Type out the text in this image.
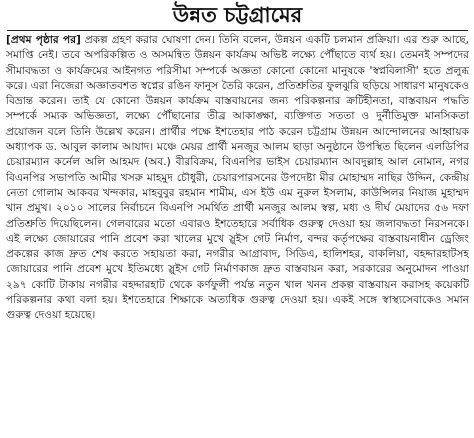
উন্নত চট্টগ্রামের

[প্রথম পৃষ্ঠার পর] প্রকল্প গ্রহণ করার ঘোষণা দেন। তিনি বলেন, উন্নয়ন একটি চলমান প্রক্রিয়া। এর শুরু আছে, সমাপ্তি নেই। তবে অপরিকল্পিত ও অসমন্বিত উন্নয়ন কার্যক্রম অভিষ্ট লক্ষ্যে পৌঁছাতে ব্যর্থ হয়। তেমনই সম্পদের সীমাবদ্ধতা ও কার্যক্রমের আইনগত পরিসীমা সম্পর্কে অজ্ঞতা কোনো কোনো মানুষকে 'স্বপ্নবিলাসী' হতে প্রলুব্ধ করে। এরা নিজেরা অজ্ঞাতবশত স্বপ্নের রঙিন ফানুস তৈরি করেন, প্রতিশ্রুতির ফুলঝুরি ছড়িয়ে সাধারণ মানুষকেও বিভ্রান্ত করেন। তাই যে কোনো উন্নয়ন কার্যক্রম বাস্তবায়নের জন্য পরিকল্পনার ক্রটিহীনতা, বাস্তবায়ন পদ্ধতি সম্পর্কে সম্যক অভিজ্ঞতা, লক্ষ্যে পৌঁছানোর তীব্র আকাঙ্ক্ষা, ব্যক্তিগত সততা ও দুর্নীতিমুক্ত মানসিকতা প্রয়োজন বলে তিনি উল্লেখ করেন। প্রার্থীর পক্ষে ইশতেহার পাঠ করেন চট্টগ্রাম উন্নয়ন আন্দোলনের আহ্বায়ক অধ্যাপক ড. আবুল কালাম আযাদ। মঞ্চে মেয়র প্রার্থী মনজুর আলম ছাড়া অনুষ্ঠানে উপস্থিত ছিলেন এলডিপির চেয়ারম্যান কর্নেল অলি আহমদ (অব.) বীরবিক্রম, বিএনপির ভাইস চেয়ারম্যান আবদুল্লাহ আল নোমান, নগর বিএনপির সভাপতি আমীর খসরু মাহমুদ চৌধুরী, চেয়ারপারসনের উপদেষ্টা মীর মোহাম্মদ নাছির উদ্দিন, কেন্দ্রীয় নেতা গোলাম আকবর খন্দকার, মাহবুবুর রহমান শামীম, এস ইউ এম নুরুল ইসলাম, কাউন্সিলর নিয়াজ মুহাম্মদ খান প্রমুখ। ২০১০ সালের নির্বাচনে বিএনপি সমর্থিত প্রার্থী মনজুর আলম স্বল্প, মধ্য ও দীর্ঘ মেয়াদের ৫৬ দফা প্রতিশ্রুতি দিয়েছিলেন। গেলবারের মতো এবারও ইশতেহারে সর্বাধিক গুরুত্ব দেওয়া হয় জলাবদ্ধতা নিরসনকে। এই লক্ষ্যে জোয়ারের পানি প্রবেশ করা খালের মুখে স্লুইস গেট নির্মাণ, বন্দর কর্তৃপক্ষের বাস্তবায়নাধীন ড্রেজিং প্রকল্পের কাজ দ্রুত শেষ করতে সহায়তা করা, নগরীর আগ্রাবাদ, সিডিএ, হালিশহর, বাকলিয়া, বহদ্দারহাটসহ জোয়ারের পানি প্রবেশ মুখে ইতিমধ্যে স্লুইস গেট নির্মাণকাজ দ্রুত বাস্তবায়ন করা, সরকারের অনুমোদন পাওয়া ২৯৭ কোটি টাকায় নগরীর বহদ্দারহাট থেকে কর্ণফুলী পর্যন্ত নতুন খাল খনন প্রকল্প বাস্তবায়ন করাসহ কয়েকটি পরিকল্পনার কথা বলা হয়। ইশতেহারে শিক্ষাকে অত্যধিক গুরুত্ব দেওয়া হয়। একই সঙ্গে স্বাস্থ্যসেবাকেও সমান গুরুত্ব দেওয়া হয়েছে।
